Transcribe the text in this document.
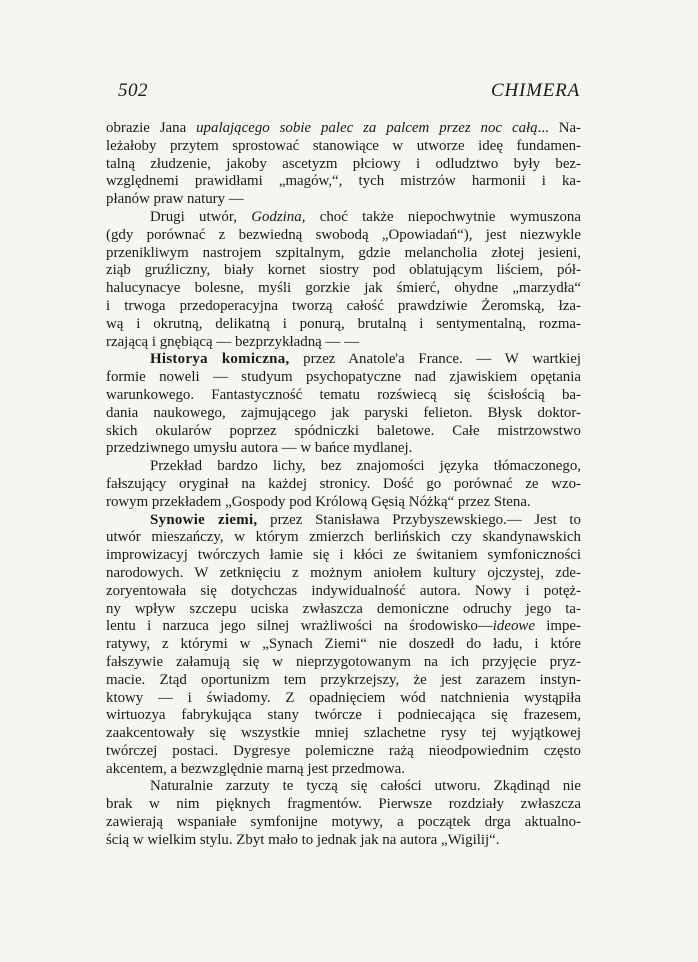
502	CHIMERA
obrazie Jana upalającego sobie palec za palcem przez noc całą... Na-
leżałoby przytem sprostować stanowiące w utworze ideę fundamen-
talną złudzenie, jakoby ascetyzm płciowy i odludztwo były bez-
względnemi prawidłami „magów,“, tych mistrzów harmonii i ka-
płanów praw natury —
Drugi utwór, Godzina, choć także niepochwytnie wymuszona
(gdy porównać z bezwiedną swobodą „Opowiadań“), jest niezwykle
przenikliwym nastrojem szpitalnym, gdzie melancholia złotej jesieni,
ziąb gruźliczny, biały kornet siostry pod oblatującym liściem, pół-
halucynacye bolesne, myśli gorzkie jak śmierć, ohydne „marzydła“
i trwoga przedoperacyjna tworzą całość prawdziwie Żeromską, łza-
wą i okrutną, delikatną i ponurą, brutalną i sentymentalną, rozma-
rzającą i gnębiącą — bezprzykładną — —
Historya komiczna, przez Anatole'a France. — W wartkiej
formie noweli — studyum psychopatyczne nad zjawiskiem opętania
warunkowego. Fantastyczność tematu rozświecą się ścisłością ba-
dania naukowego, zajmującego jak paryski felieton. Błysk doktor-
skich okularów poprzez spódniczki baletowe. Całe mistrzowstwo
przedziwnego umysłu autora — w bańce mydlanej.
Przekład bardzo lichy, bez znajomości języka tłómaczonego,
fałszujący oryginał na każdej stronicy. Dość go porównać ze wzo-
rowym przekładem „Gospody pod Królową Gęsią Nóżką“ przez Stena.
Synowie ziemi, przez Stanisława Przybyszewskiego.— Jest to
utwór mieszańczy, w którym zmierzch berlińskich czy skandynawskich
improwizacyj twórczych łamie się i kłóci ze świtaniem symfoniczności
narodowych. W zetknięciu z możnym aniołem kultury ojczystej, zde-
zoryentowała się dotychczas indywidualność autora. Nowy i potęż-
ny wpływ szczepu uciska zwłaszcza demoniczne odruchy jego ta-
lentu i narzuca jego silnej wrażliwości na środowisko—ideowe impe-
ratywy, z którymi w „Synach Ziemi“ nie doszedł do ładu, i które
fałszywie załamują się w nieprzygotowanym na ich przyjęcie pryz-
macie. Ztąd oportunizm tem przykrzejszy, że jest zarazem instyn-
ktowy — i świadomy. Z opadnięciem wód natchnienia wystąpiła
wirtuozya fabrykująca stany twórcze i podniecająca się frazesem,
zaakcentowały się wszystkie mniej szlachetne rysy tej wyjątkowej
twórczej postaci. Dygresye polemiczne rażą nieodpowiednim często
akcentem, a bezwzględnie marną jest przedmowa.
Naturalnie zarzuty te tyczą się całości utworu. Zkądinąd nie
brak w nim pięknych fragmentów. Pierwsze rozdziały zwłaszcza
zawierają wspaniałe symfonijne motywy, a początek drga aktualno-
ścią w wielkim stylu. Zbyt mało to jednak jak na autora „Wigilij“.
